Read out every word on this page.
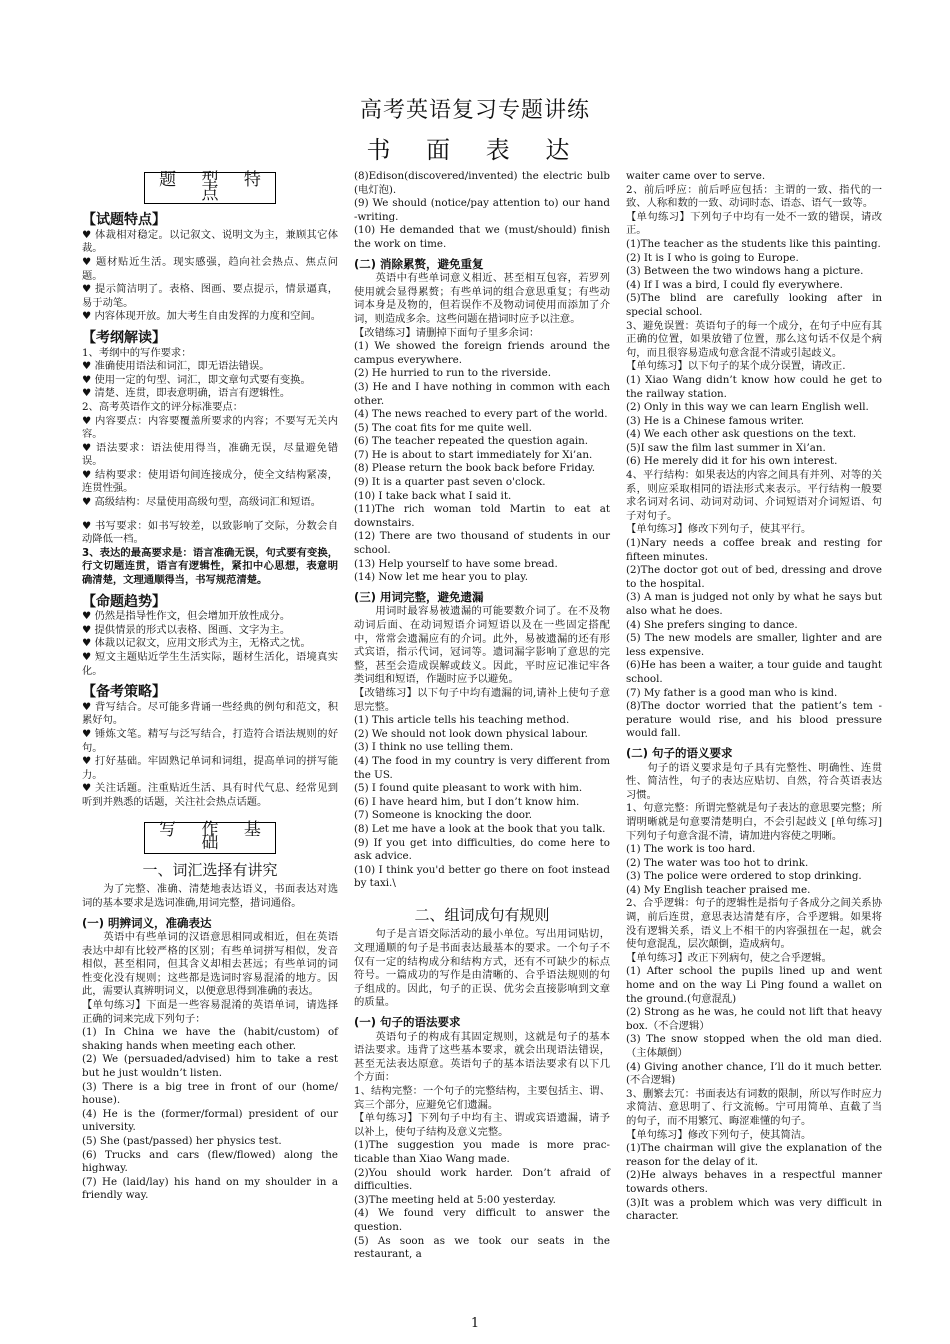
高考英语复习专题讲练
书 面 表 达
题 型 特 点
【试题特点】
♥ 体裁相对稳定。以记叙文、说明文为主，兼顾其它体裁。
♥ 题材贴近生活。现实感强，趋向社会热点、焦点问题。
♥ 提示简洁明了。表格、图画、要点提示，情景逼真，易于动笔。
♥ 内容体现开放。加大考生自由发挥的力度和空间。
【考纲解读】
1、考纲中的写作要求：
♥ 准确使用语法和词汇，即无语法错误。
♥ 使用一定的句型、词汇，即文章句式要有变换。
♥ 清楚、连贯，即表意明确，语言有逻辑性。
2、高考英语作文的评分标准要点：
♥ 内容要点：内容要覆盖所要求的内容；不要写无关内容。
♥ 语法要求：语法使用得当，准确无误，尽量避免错误。
♥ 结构要求：使用语句间连接成分，使全文结构紧凑，连贯性强。
♥ 高级结构：尽量使用高级句型，高级词汇和短语。
♥ 书写要求：如书写较差，以致影响了交际，分数会自动降低一档。
3、表达的最高要求是：语言准确无误，句式要有变换，行文切题连贯，语言有逻辑性，紧扣中心思想，表意明确清楚，文理通顺得当，书写规范清楚。
【命题趋势】
♥ 仍然是指导性作文，但会增加开放性成分。
♥ 提供情景的形式以表格、图画、文字为主。
♥ 体裁以记叙文，应用文形式为主，无格式之忧。
♥ 短文主题贴近学生生活实际，题材生活化，语境真实化。
【备考策略】
♥ 背写结合。尽可能多背诵一些经典的例句和范文，积累好句。
♥ 锤炼文笔。精写与泛写结合，打造符合语法规则的好句。
♥ 打好基础。牢固熟记单词和词组，提高单词的拼写能力。
♥ 关注话题。注重贴近生活、具有时代气息、经常见到听到并熟悉的话题，关注社会热点话题。
写 作 基 础
一、词汇选择有讲究
　　为了完整、准确、清楚地表达语义，书面表达对选词的基本要求是选词准确,用词完整，措词通俗。
(一) 明辨词义，准确表达
　　英语中有些单词的汉语意思相同或相近，但在英语表达中却有比较严格的区别；有些单词拼写相似，发音相似，甚至相同，但其含义却相去甚远；有些单词的词性变化没有规则；这些都是选词时容易混淆的地方。因此，需要认真辨明词义，以便意思得到准确的表达。
【单句练习】下面是一些容易混淆的英语单词，请选择正确的词来完成下列句子：
(1) In China we have the (habit/custom) of shaking hands when meeting each other.
(2) We (persuaded/advised) him to take a rest but he just wouldn’t listen.
(3) There is a big tree in front of our (home/ house).
(4) He is the (former/formal) president of our university.
(5) She (past/passed) her physics test.
(6) Trucks and cars (flew/flowed) along the highway.
(7) He (laid/lay) his hand on my shoulder in a friendly way.
(8)Edison(discovered/invented) the electric bulb (电灯泡).
(9) We should (notice/pay attention to) our hand -writing.
(10) He demanded that we (must/should) finish the work on time.
(二) 消除累赘，避免重复
　　英语中有些单词意义相近、甚至相互包容，若罗列使用就会显得累赘；有些单词的组合意思重复；有些动词本身是及物的，但若误作不及物动词使用而添加了介词，则造成多余。这些问题在措词时应予以注意。
【改错练习】请删掉下面句子里多余词：
(1) We showed the foreign friends around the campus everywhere.
(2) He hurried to run to the riverside.
(3) He and I have nothing in common with each other.
(4) The news reached to every part of the world.
(5) The coat fits for me quite well.
(6) The teacher repeated the question again.
(7) He is about to start immediately for Xi’an.
(8) Please return the book back before Friday.
(9) It is a quarter past seven o'clock.
(10) I take back what I said it.
(11)The rich woman told Martin to eat at downstairs.
(12) There are two thousand of students in our school.
(13) Help yourself to have some bread.
(14) Now let me hear you to play.
(三) 用词完整，避免遗漏
　　用词时最容易被遗漏的可能要数介词了。在不及物动词后面、在动词短语介词短语以及在一些固定搭配中，常常会遗漏应有的介词。此外，易被遗漏的还有形式宾语，指示代词，冠词等。遗词漏字影响了意思的完整，甚至会造成误解或歧义。因此，平时应记准记牢各类词组和短语，作题时应予以避免。
【改错练习】以下句子中均有遗漏的词,请补上使句子意思完整。
(1) This article tells his teaching method.
(2) We should not look down physical labour.
(3) I think no use telling them.
(4) The food in my country is very different from the US.
(5) I found quite pleasant to work with him.
(6) I have heard him, but I don’t know him.
(7) Someone is knocking the door.
(8) Let me have a look at the book that you talk.
(9) If you get into difficulties, do come here to ask advice.
(10) I think you'd better go there on foot instead by taxi.\
二、组词成句有规则
　　句子是言语交际活动的最小单位。写出用词贴切，文理通顺的句子是书面表达最基本的要求。一个句子不仅有一定的结构成分和结构方式，还有不可缺少的标点符号。一篇成功的写作是由清晰的、合乎语法规则的句子组成的。因此，句子的正误、优劣会直接影响到文章的质量。
(一) 句子的语法要求
　　英语句子的构成有其固定规则，这就是句子的基本语法要求。违背了这些基本要求，就会出现语法错误，甚至无法表达原意。英语句子的基本语法要求有以下几个方面：
1、结构完整：一个句子的完整结构，主要包括主、谓、宾三个部分，应避免它们遗漏。
【单句练习】下列句子中均有主、谓或宾语遗漏，请予以补上，使句子结构及意义完整。
(1)The suggestion you made is more prac- ticable than Xiao Wang made.
(2)You should work harder. Don’t afraid of difficulties.
(3)The meeting held at 5:00 yesterday.
(4) We found very difficult to answer the question.
(5) As soon as we took our seats in the restaurant, a
waiter came over to serve.
2、前后呼应：前后呼应包括：主谓的一致、指代的一致、人称和数的一致、动词时态、语态、语气一致等。
【单句练习】下列句子中均有一处不一致的错误，请改正。
(1)The teacher as the students like this painting.
(2) It is I who is going to Europe.
(3) Between the two windows hang a picture.
(4) If I was a bird, I could fly everywhere.
(5)The blind are carefully looking after in special school.
3、避免误置：英语句子的每一个成分，在句子中应有其正确的位置，如果放错了位置，那么这句话不仅是个病句，而且很容易造成句意含混不清或引起歧义。
【单句练习】以下句子的某个成分误置，请改正.
(1) Xiao Wang didn’t know how could he get to the railway station.
(2) Only in this way we can learn English well.
(3) He is a Chinese famous writer.
(4) We each other ask questions on the text.
(5)I saw the film last summer in Xi’an.
(6) He merely did it for his own interest.
4、平行结构：如果表达的内容之间具有并列、对等的关系，则应采取相同的语法形式来表示。平行结构一般要求名词对名词、动词对动词、介词短语对介词短语、句子对句子。
【单句练习】修改下列句子，使其平行。
(1)Nary needs a coffee break and resting for fifteen minutes.
(2)The doctor got out of bed, dressing and drove to the hospital.
(3) A man is judged not only by what he says but also what he does.
(4) She prefers singing to dance.
(5) The new models are smaller, lighter and are less expensive.
(6)He has been a waiter, a tour guide and taught school.
(7) My father is a good man who is kind.
(8)The doctor worried that the patient’s tem -perature would rise, and his blood pressure would fall.
(二) 句子的语义要求
　　句子的语义要求是句子具有完整性、明确性、连贯性、简洁性，句子的表达应贴切、自然，符合英语表达习惯。
1、句意完整：所谓完整就是句子表达的意思要完整；所谓明晰就是句意要清楚明白，不会引起歧义 [单句练习] 下列句子句意含混不清，请加进内容使之明晰。
(1) The work is too hard.
(2) The water was too hot to drink.
(3) The police were ordered to stop drinking.
(4) My English teacher praised me.
2、合乎逻辑：句子的逻辑性是指句子各成分之间关系协调，前后连贯，意思表达清楚有序，合乎逻辑。如果将没有逻辑关系，语义上不相干的内容强扭在一起，就会使句意混乱，层次颠倒，造成病句。
【单句练习】改正下列病句，使之合乎逻辑。
(1) After school the pupils lined up and went home and on the way Li Ping found a wallet on the ground.(句意混乱)
(2) Strong as he was, he could not lift that heavy box.（不合逻辑）
(3) The snow stopped when the old man died.（主体颠倒）
(4) Giving another chance, I’ll do it much better. (不合逻辑)
3、删繁去冗：书面表达有词数的限制，所以写作时应力求简洁、意思明了、行文流畅。宁可用简单、直截了当的句子，而不用繁冗、晦涩难懂的句子。
【单句练习】修改下列句子，使其简洁。
(1)The chairman will give the explanation of the reason for the delay of it.
(2)He always behaves in a respectful manner towards others.
(3)It was a problem which was very difficult in character.
1
